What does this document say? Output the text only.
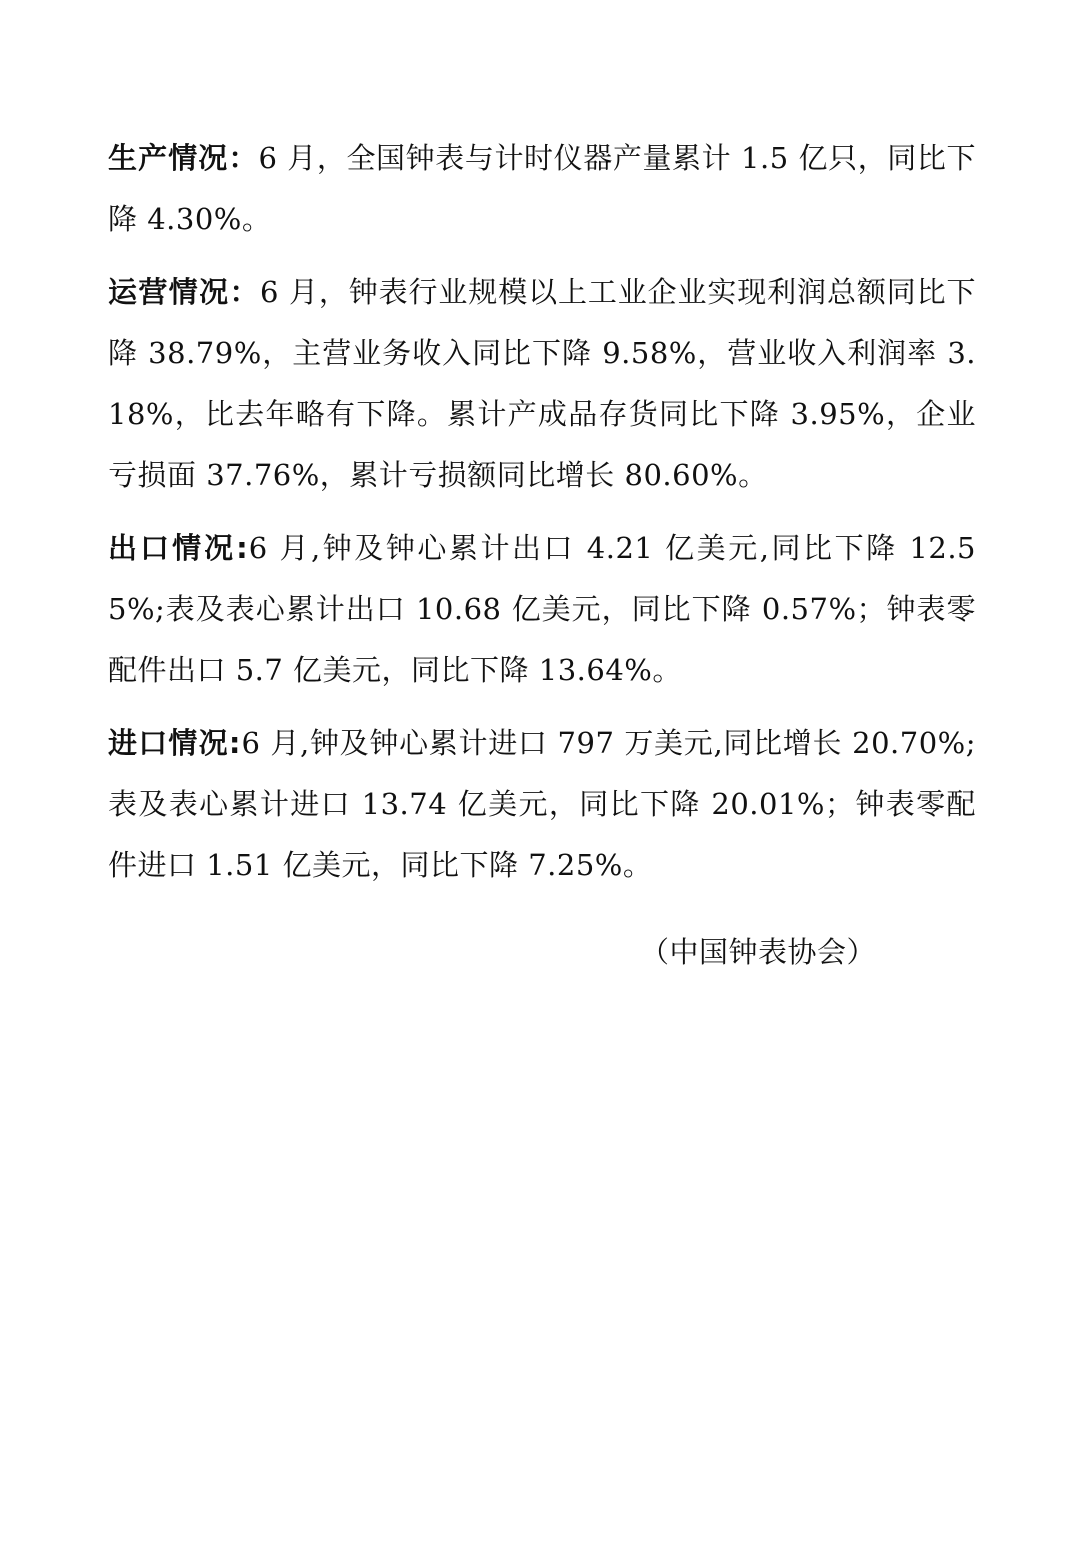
生产情况：6 月，全国钟表与计时仪器产量累计 1.5 亿只，同比下降 4.30%。

运营情况：6 月，钟表行业规模以上工业企业实现利润总额同比下降 38.79%，主营业务收入同比下降 9.58%，营业收入利润率 3.18%，比去年略有下降。累计产成品存货同比下降 3.95%，企业亏损面 37.76%，累计亏损额同比增长 80.60%。

出口情况:6 月,钟及钟心累计出口 4.21 亿美元,同比下降 12.55%;表及表心累计出口 10.68 亿美元，同比下降 0.57%；钟表零配件出口 5.7 亿美元，同比下降 13.64%。

进口情况:6 月,钟及钟心累计进口 797 万美元,同比增长 20.70%;表及表心累计进口 13.74 亿美元，同比下降 20.01%；钟表零配件进口 1.51 亿美元，同比下降 7.25%。

（中国钟表协会）
